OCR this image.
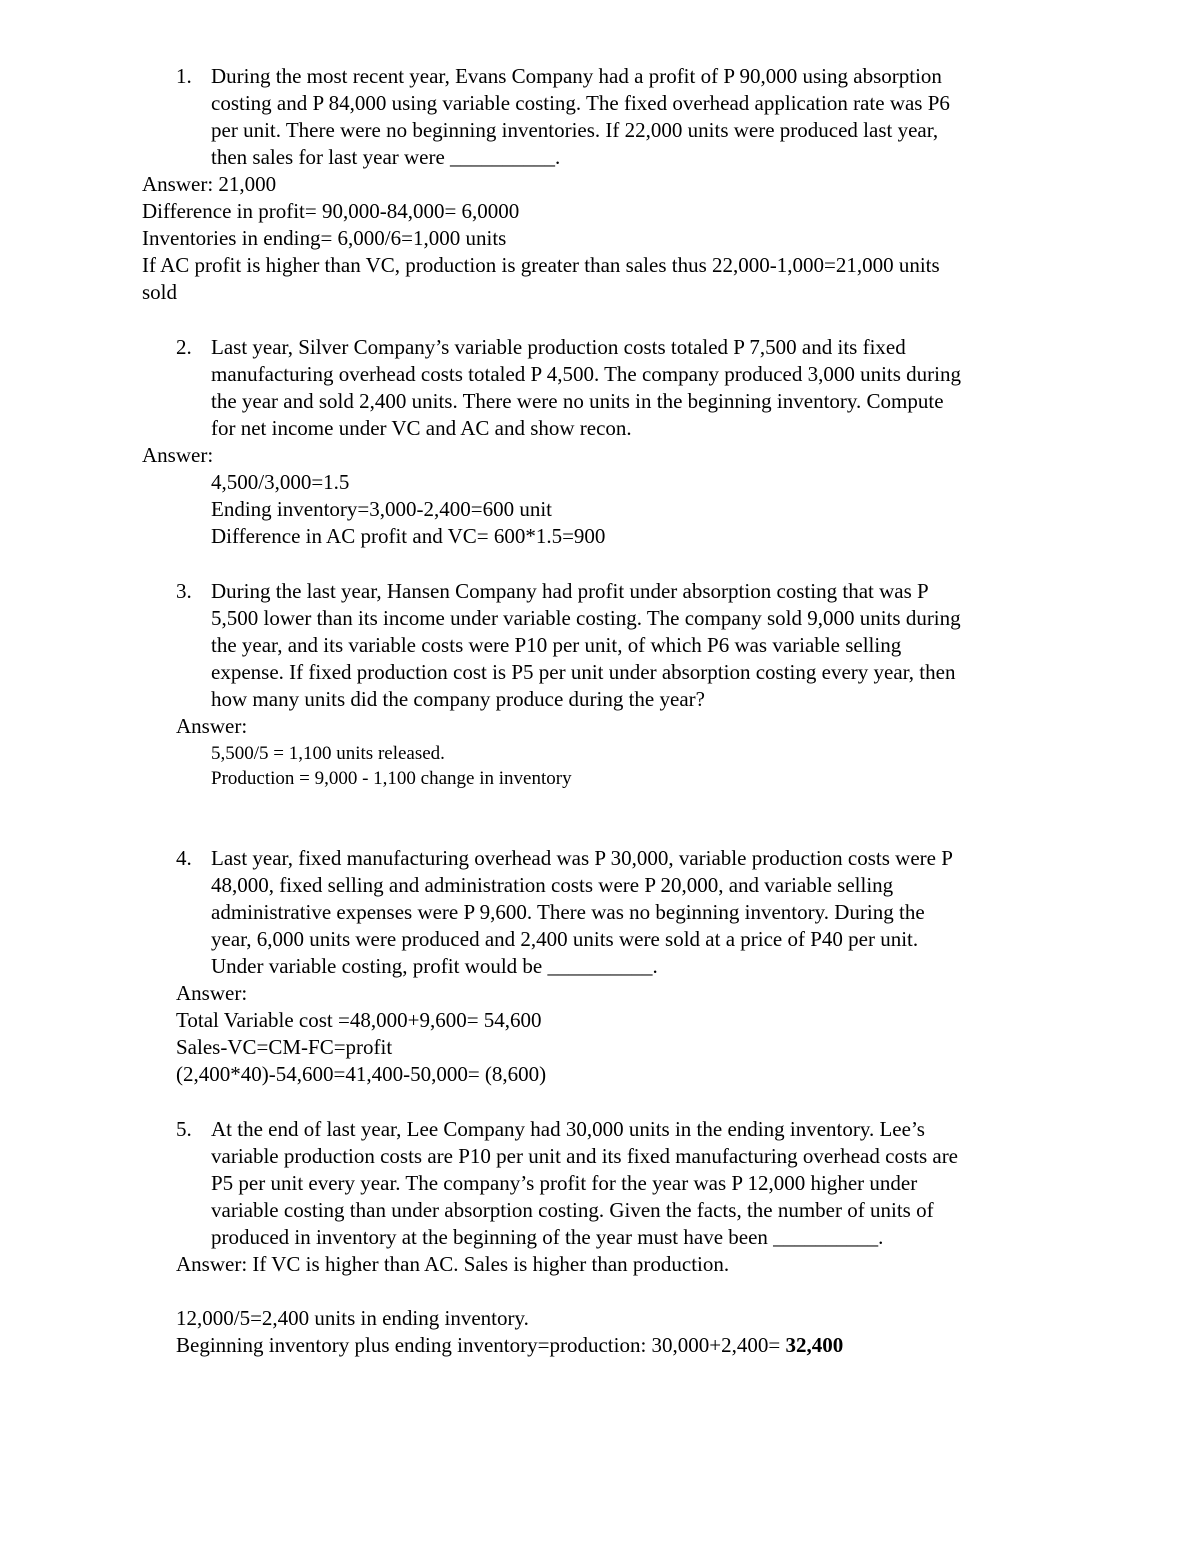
1. During the most recent year, Evans Company had a profit of P 90,000 using absorption
costing and P 84,000 using variable costing. The fixed overhead application rate was P6
per unit. There were no beginning inventories. If 22,000 units were produced last year,
then sales for last year were __________.
Answer: 21,000
Difference in profit= 90,000-84,000= 6,0000
Inventories in ending= 6,000/6=1,000 units
If AC profit is higher than VC, production is greater than sales thus 22,000-1,000=21,000 units
sold
2. Last year, Silver Company’s variable production costs totaled P 7,500 and its fixed
manufacturing overhead costs totaled P 4,500. The company produced 3,000 units during
the year and sold 2,400 units. There were no units in the beginning inventory. Compute
for net income under VC and AC and show recon.
Answer:
4,500/3,000=1.5
Ending inventory=3,000-2,400=600 unit
Difference in AC profit and VC= 600*1.5=900
3. During the last year, Hansen Company had profit under absorption costing that was P
5,500 lower than its income under variable costing. The company sold 9,000 units during
the year, and its variable costs were P10 per unit, of which P6 was variable selling
expense. If fixed production cost is P5 per unit under absorption costing every year, then
how many units did the company produce during the year?
Answer:
5,500/5 = 1,100 units released.
Production = 9,000 - 1,100 change in inventory
4. Last year, fixed manufacturing overhead was P 30,000, variable production costs were P
48,000, fixed selling and administration costs were P 20,000, and variable selling
administrative expenses were P 9,600. There was no beginning inventory. During the
year, 6,000 units were produced and 2,400 units were sold at a price of P40 per unit.
Under variable costing, profit would be __________.
Answer:
Total Variable cost =48,000+9,600= 54,600
Sales-VC=CM-FC=profit
(2,400*40)-54,600=41,400-50,000= (8,600)
5. At the end of last year, Lee Company had 30,000 units in the ending inventory. Lee’s
variable production costs are P10 per unit and its fixed manufacturing overhead costs are
P5 per unit every year. The company’s profit for the year was P 12,000 higher under
variable costing than under absorption costing. Given the facts, the number of units of
produced in inventory at the beginning of the year must have been __________.
Answer: If VC is higher than AC. Sales is higher than production.
12,000/5=2,400 units in ending inventory.
Beginning inventory plus ending inventory=production: 30,000+2,400= 32,400
